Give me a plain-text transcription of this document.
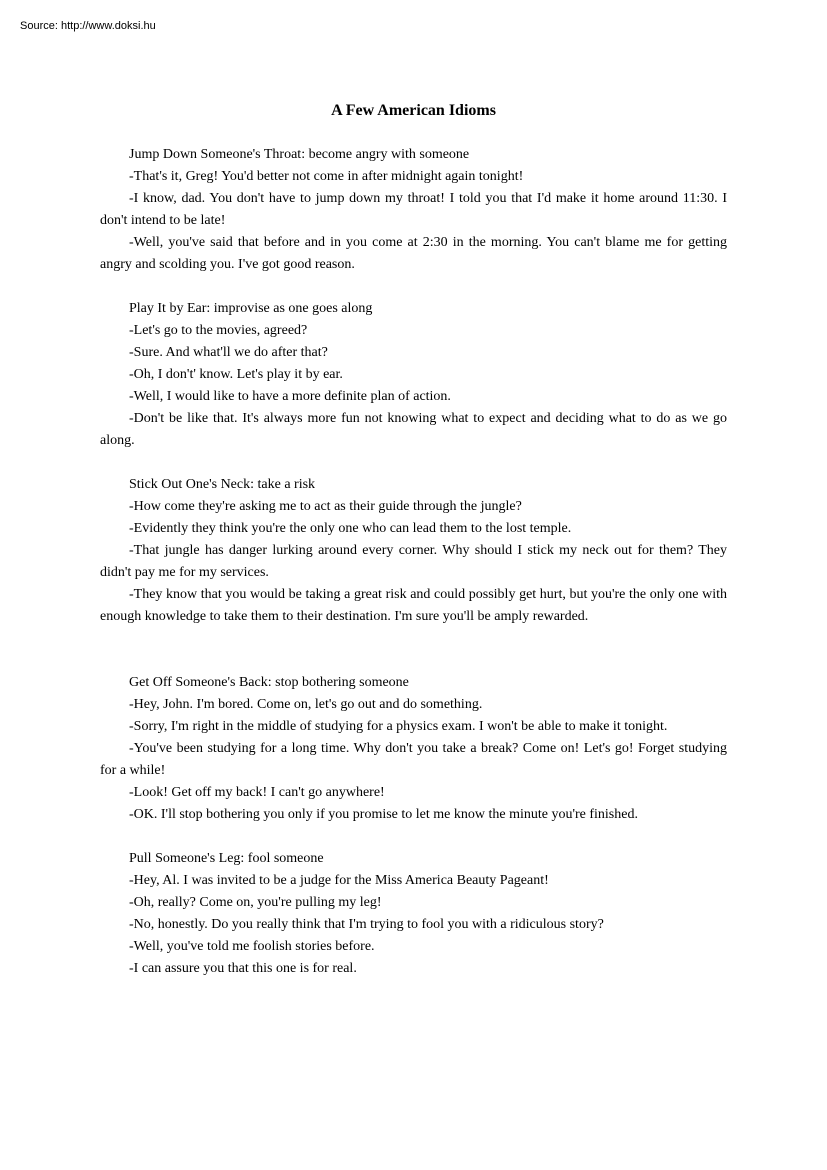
Source: http://www.doksi.hu
A Few American Idioms

Jump Down Someone's Throat: become angry with someone

-That's it, Greg! You'd better not come in after midnight again tonight!

-I know, dad. You don't have to jump down my throat! I told you that I'd make it home around 11:30. I don't intend to be late!

-Well, you've said that before and in you come at 2:30 in the morning. You can't blame me for getting angry and scolding you. I've got good reason.

Play It by Ear: improvise as one goes along

-Let's go to the movies, agreed?

-Sure. And what'll we do after that?

-Oh, I don't' know. Let's play it by ear.

-Well, I would like to have a more definite plan of action.

-Don't be like that. It's always more fun not knowing what to expect and deciding what to do as we go along.

Stick Out One's Neck: take a risk

-How come they're asking me to act as their guide through the jungle?

-Evidently they think you're the only one who can lead them to the lost temple.

-That jungle has danger lurking around every corner. Why should I stick my neck out for them? They didn't pay me for my services.

-They know that you would be taking a great risk and could possibly get hurt, but you're the only one with enough knowledge to take them to their destination. I'm sure you'll be amply rewarded.

Get Off Someone's Back: stop bothering someone

-Hey, John. I'm bored. Come on, let's go out and do something.

-Sorry, I'm right in the middle of studying for a physics exam. I won't be able to make it tonight.

-You've been studying for a long time. Why don't you take a break? Come on! Let's go! Forget studying for a while!

-Look! Get off my back! I can't go anywhere!

-OK. I'll stop bothering you only if you promise to let me know the minute you're finished.

Pull Someone's Leg: fool someone

-Hey, Al. I was invited to be a judge for the Miss America Beauty Pageant!

-Oh, really? Come on, you're pulling my leg!

-No, honestly. Do you really think that I'm trying to fool you with a ridiculous story?

-Well, you've told me foolish stories before.

-I can assure you that this one is for real.
